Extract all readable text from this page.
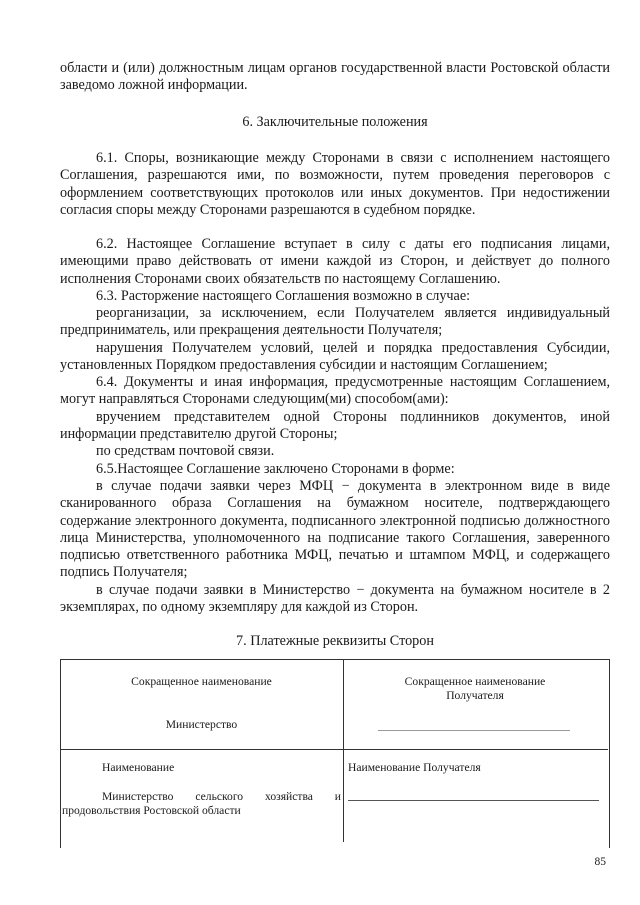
области и (или) должностным лицам органов государственной власти Ростовской области заведомо ложной информации.

6. Заключительные положения

6.1. Споры, возникающие между Сторонами в связи с исполнением настоящего Соглашения, разрешаются ими, по возможности, путем проведения переговоров с оформлением соответствующих протоколов или иных документов. При недостижении согласия споры между Сторонами разрешаются в судебном порядке.

6.2. Настоящее Соглашение вступает в силу с даты его подписания лицами, имеющими право действовать от имени каждой из Сторон, и действует до полного исполнения Сторонами своих обязательств по настоящему Соглашению.

6.3. Расторжение настоящего Соглашения возможно в случае:

реорганизации, за исключением, если Получателем является индивидуальный предприниматель, или прекращения деятельности Получателя;

нарушения Получателем условий, целей и порядка предоставления Субсидии, установленных Порядком предоставления субсидии и настоящим Соглашением;

6.4. Документы и иная информация, предусмотренные настоящим Соглашением, могут направляться Сторонами следующим(ми) способом(ами):

вручением представителем одной Стороны подлинников документов, иной информации представителю другой Стороны;

по средствам почтовой связи.

6.5.Настоящее Соглашение заключено Сторонами в форме:

в случае подачи заявки через МФЦ − документа в электронном виде в виде сканированного образа Соглашения на бумажном носителе, подтверждающего содержание электронного документа, подписанного электронной подписью должностного лица Министерства, уполномоченного на подписание такого Соглашения, заверенного подписью ответственного работника МФЦ, печатью и штампом МФЦ, и содержащего подпись Получателя;

в случае подачи заявки в Министерство − документа на бумажном носителе в 2 экземплярах, по одному экземпляру для каждой из Сторон.

7. Платежные реквизиты Сторон

Сокращенное наименование
Министерство
Сокращенное наименование Получателя
Наименование
Министерство сельского хозяйства и продовольствия Ростовской области
Наименование Получателя
85
